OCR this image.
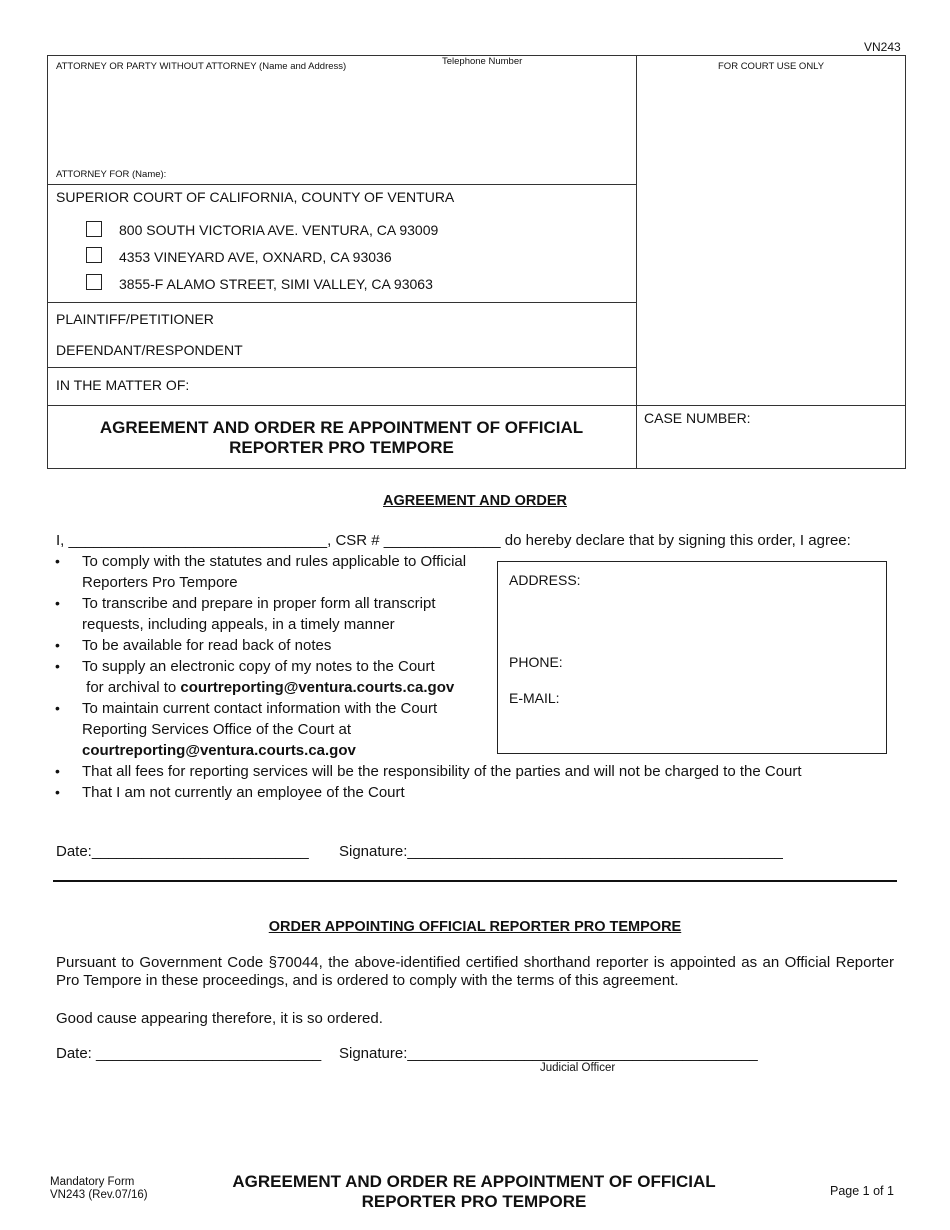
VN243
ATTORNEY OR PARTY WITHOUT ATTORNEY (Name and Address)	Telephone Number	FOR COURT USE ONLY
ATTORNEY FOR (Name):
SUPERIOR COURT OF CALIFORNIA, COUNTY OF VENTURA
800 SOUTH VICTORIA AVE. VENTURA, CA 93009
4353 VINEYARD AVE, OXNARD, CA 93036
3855-F ALAMO STREET, SIMI VALLEY, CA 93063
PLAINTIFF/PETITIONER
DEFENDANT/RESPONDENT
IN THE MATTER OF:
AGREEMENT AND ORDER RE APPOINTMENT OF OFFICIAL
REPORTER PRO TEMPORE
CASE NUMBER:
AGREEMENT AND ORDER
I, _______________________________, CSR # ______________ do hereby declare that by signing this order, I agree:
• To comply with the statutes and rules applicable to Official
Reporters Pro Tempore
• To transcribe and prepare in proper form all transcript
requests, including appeals, in a timely manner
• To be available for read back of notes
• To supply an electronic copy of my notes to the Court
for archival to courtreporting@ventura.courts.ca.gov
• To maintain current contact information with the Court
Reporting Services Office of the Court at
courtreporting@ventura.courts.ca.gov
• That all fees for reporting services will be the responsibility of the parties and will not be charged to the Court
• That I am not currently an employee of the Court
ADDRESS:
PHONE:
E-MAIL:
Date:__________________________ Signature:_____________________________________________
ORDER APPOINTING OFFICIAL REPORTER PRO TEMPORE
Pursuant to Government Code §70044, the above-identified certified shorthand reporter is appointed as an Official Reporter Pro Tempore in these proceedings, and is ordered to comply with the terms of this agreement.
Good cause appearing therefore, it is so ordered.
Date: ___________________________ Signature:__________________________________________
Judicial Officer
Mandatory Form
VN243 (Rev.07/16)
AGREEMENT AND ORDER RE APPOINTMENT OF OFFICIAL
REPORTER PRO TEMPORE
Page 1 of 1
